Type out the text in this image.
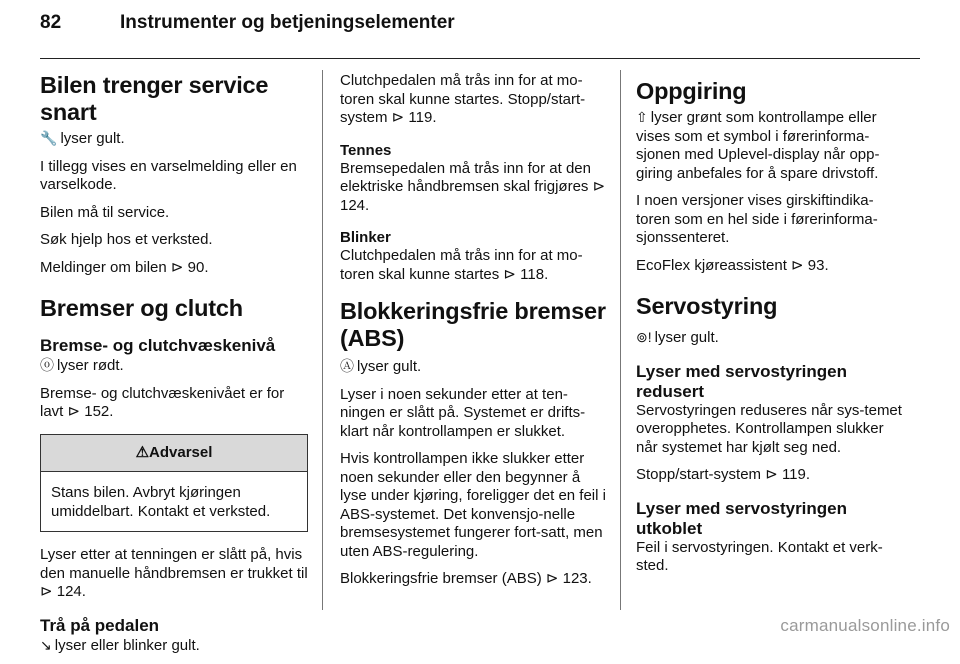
82	Instrumenter og betjeningselementer
Bilen trenger service snart

🔧 lyser gult.

I tillegg vises en varselmelding eller en varselkode.

Bilen må til service.

Søk hjelp hos et verksted.

Meldinger om bilen ⊳ 90.

Bremser og clutch
Bremse- og clutchvæskenivå

ⓞ lyser rødt.

Bremse- og clutchvæskenivået er for lavt ⊳ 152.

⚠Advarsel
Stans bilen. Avbryt kjøringen umiddelbart. Kontakt et verksted.

Lyser etter at tenningen er slått på, hvis den manuelle håndbremsen er trukket til ⊳ 124.

Trå på pedalen

↘ lyser eller blinker gult.

Clutchpedalen må trås inn for at mo-toren skal kunne startes. Stopp/start-system ⊳ 119.

Tennes

Bremsepedalen må trås inn for at den elektriske håndbremsen skal frigjøres ⊳ 124.

Blinker

Clutchpedalen må trås inn for at mo-toren skal kunne startes ⊳ 118.

Blokkeringsfrie bremser (ABS)

Ⓐ lyser gult.

Lyser i noen sekunder etter at ten-ningen er slått på. Systemet er drifts-klart når kontrollampen er slukket.

Hvis kontrollampen ikke slukker etter noen sekunder eller den begynner å lyse under kjøring, foreligger det en feil i ABS-systemet. Det konvensjo-nelle bremsesystemet fungerer fort-satt, men uten ABS-regulering.

Blokkeringsfrie bremser (ABS) ⊳ 123.

Oppgiring

⇧ lyser grønt som kontrollampe eller vises som et symbol i førerinforma-sjonen med Uplevel-display når opp-giring anbefales for å spare drivstoff.

I noen versjoner vises girskiftindika-toren som en hel side i førerinforma-sjonssenteret.

EcoFlex kjøreassistent ⊳ 93.

Servostyring

⊚! lyser gult.

Lyser med servostyringen redusert

Servostyringen reduseres når sys-temet overopphetes. Kontrollampen slukker når systemet har kjølt seg ned.

Stopp/start-system ⊳ 119.

Lyser med servostyringen utkoblet

Feil i servostyringen. Kontakt et verk-sted.

carmanualsonline.info
